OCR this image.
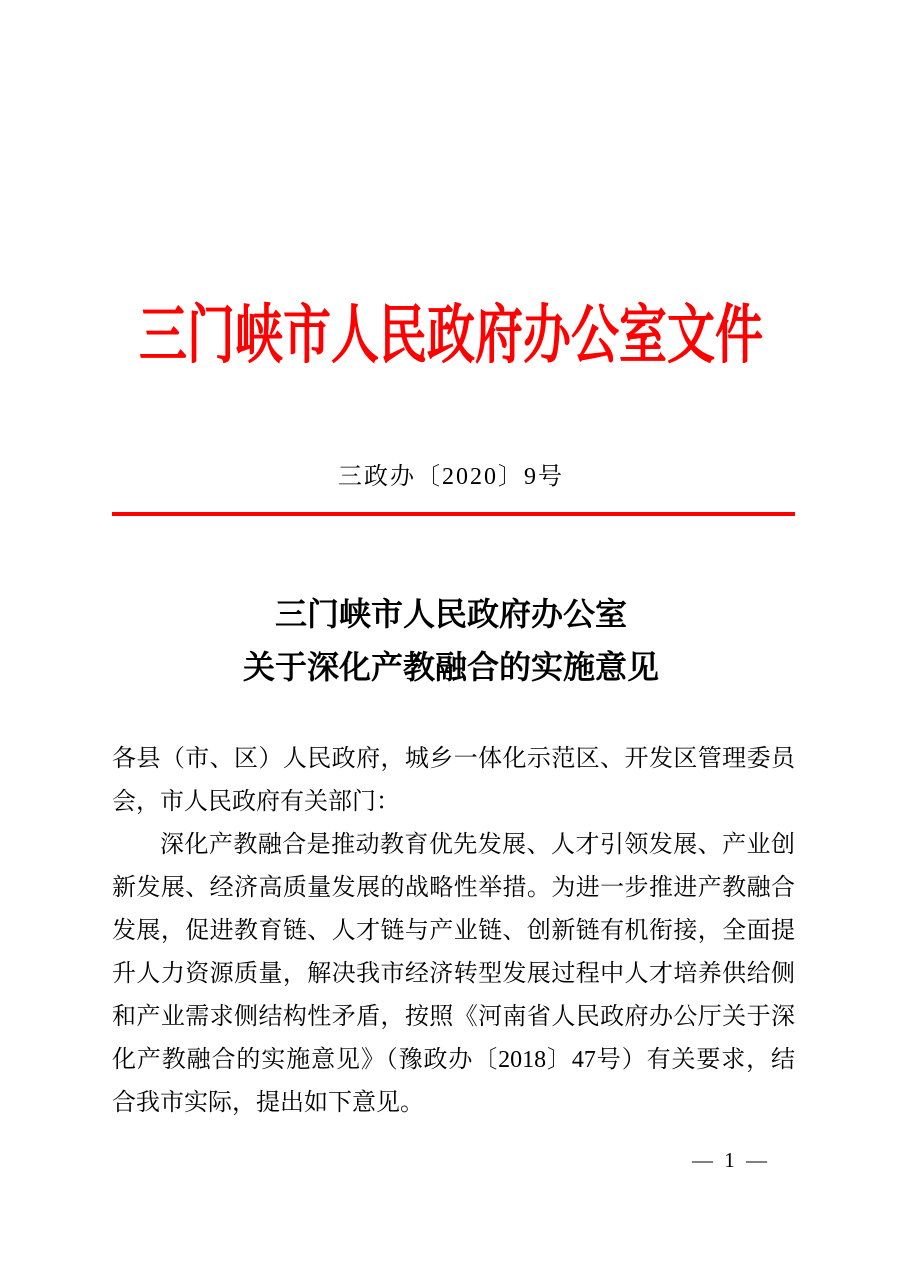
三门峡市人民政府办公室文件
三政办〔2020〕9号
三门峡市人民政府办公室
关于深化产教融合的实施意见
各县（市、区）人民政府，城乡一体化示范区、开发区管理委员
会，市人民政府有关部门：
深化产教融合是推动教育优先发展、人才引领发展、产业创
新发展、经济高质量发展的战略性举措。为进一步推进产教融合
发展，促进教育链、人才链与产业链、创新链有机衔接，全面提
升人力资源质量，解决我市经济转型发展过程中人才培养供给侧
和产业需求侧结构性矛盾，按照《河南省人民政府办公厅关于深
化产教融合的实施意见》（豫政办〔2018〕47号）有关要求，结
合我市实际，提出如下意见。
— 1 —
